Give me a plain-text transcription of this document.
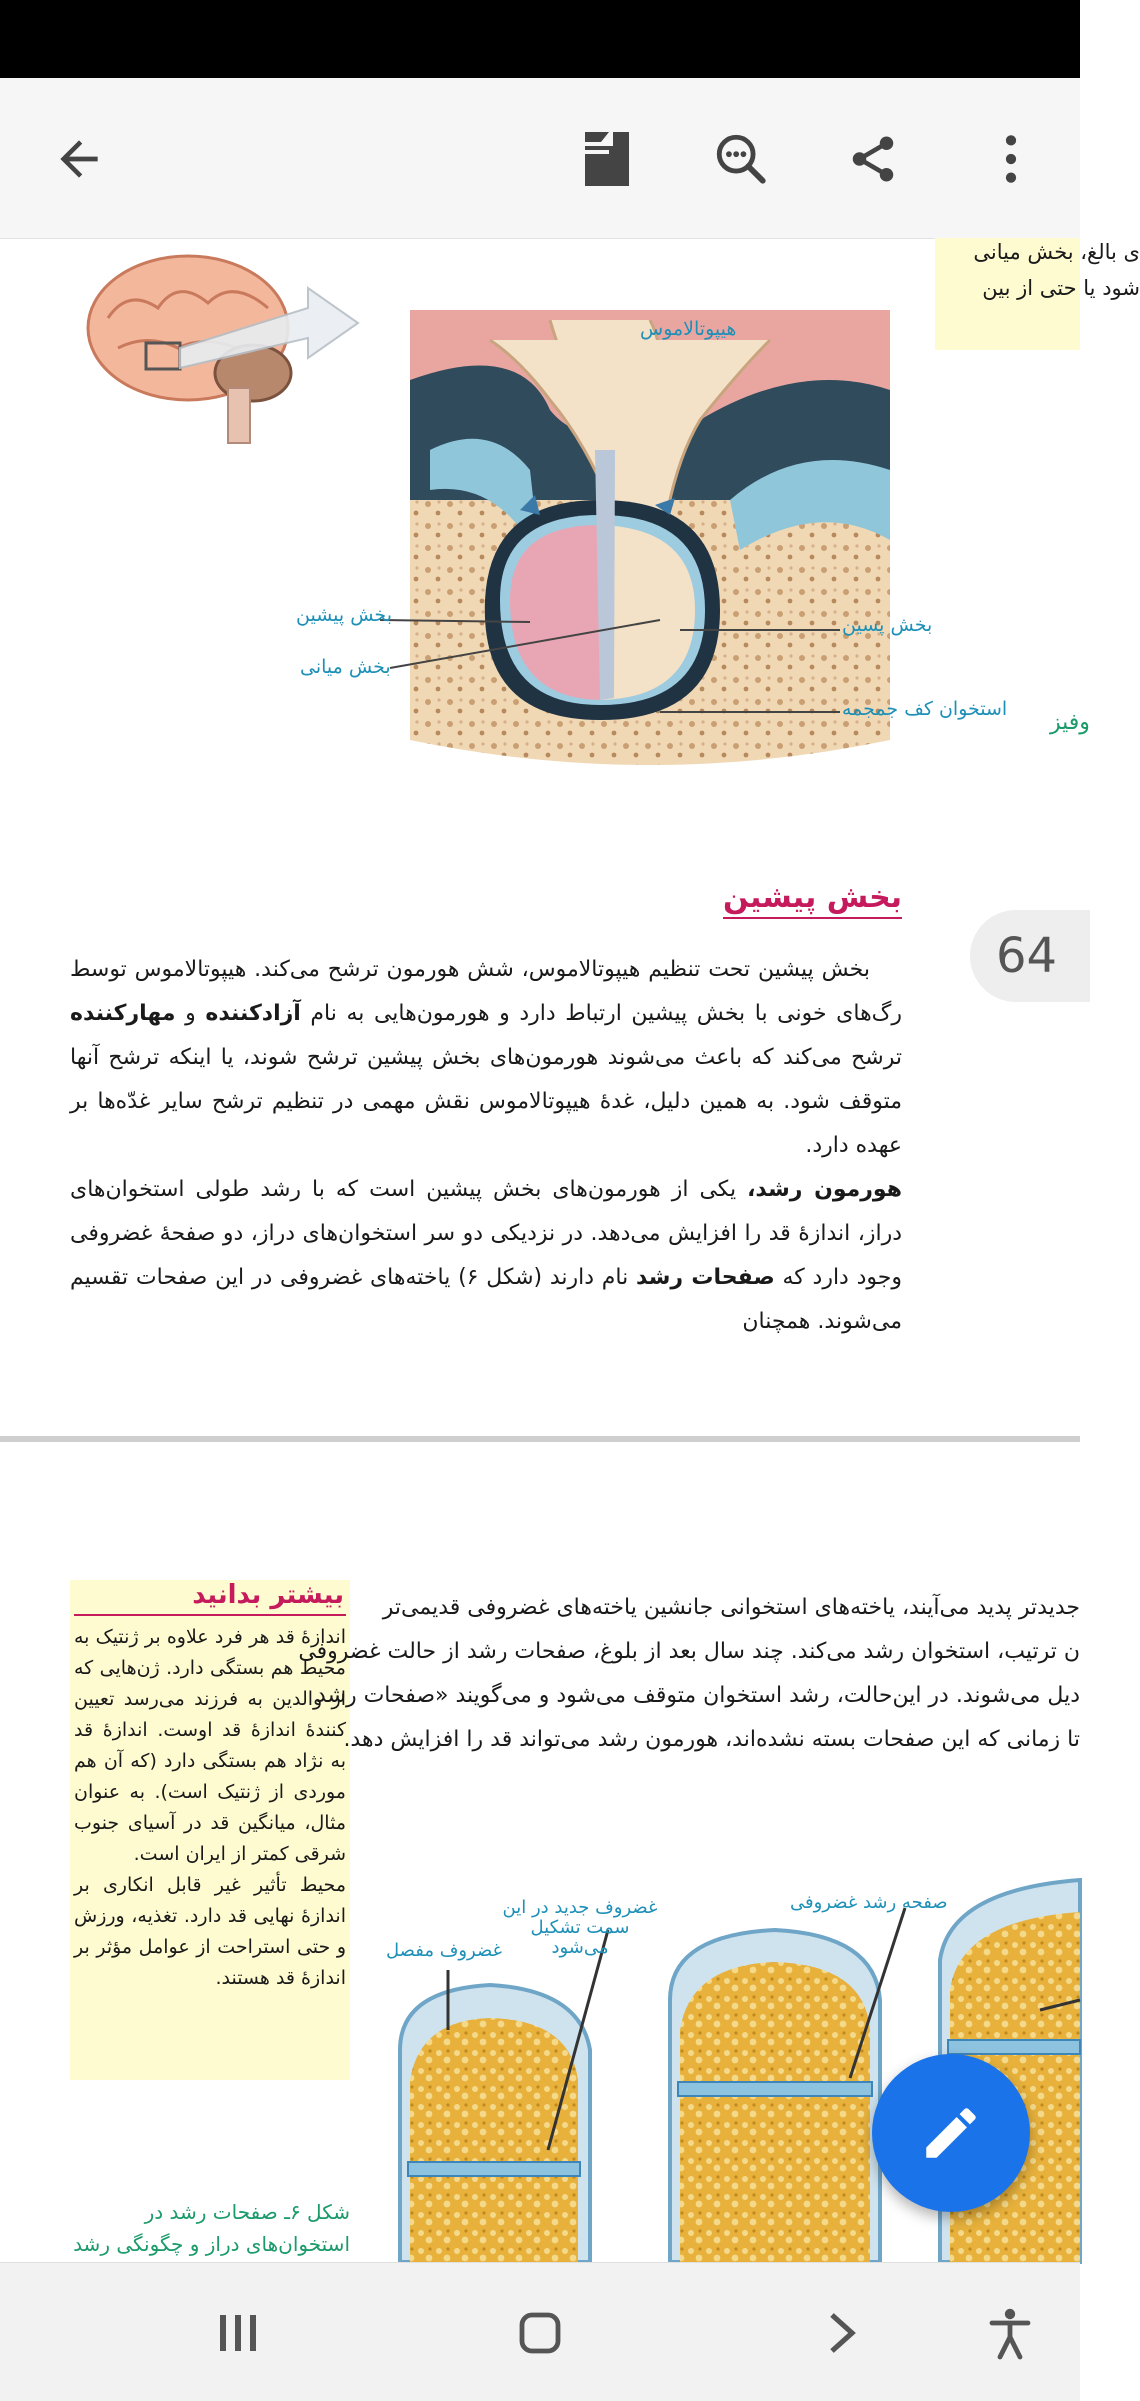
ی بالغ، بخش میانی
شود یا حتی از بین
وفیز
هیپوتالاموس
بخش پیشین
بخش میانی
بخش پسین
استخوان کف جمجمه
بخش پیشین
64

بخش پیشین تحت تنظیم هیپوتالاموس، شش هورمون ترشح می‌کند. هیپوتالاموس توسط رگ‌های خونی با بخش پیشین ارتباط دارد و هورمون‌هایی به نام آزادکننده و مهارکننده ترشح می‌کند که باعث می‌شوند هورمون‌های بخش پیشین ترشح شوند، یا اینکه ترشح آنها متوقف شود. به همین دلیل، غدهٔ هیپوتالاموس نقش مهمی در تنظیم ترشح سایر غدّه‌ها بر عهده دارد.

هورمون رشد، یکی از هورمون‌های بخش پیشین است که با رشد طولی استخوان‌های دراز، اندازهٔ قد را افزایش می‌دهد. در نزدیکی دو سر استخوان‌های دراز، دو صفحهٔ غضروفی وجود دارد که صفحات رشد نام دارند (شکل ۶) یاخته‌های غضروفی در این صفحات تقسیم می‌شوند. همچنان

بیشتر بدانید

اندازهٔ قد هر فرد علاوه بر ژنتیک به محیط هم بستگی دارد. ژن‌هایی که از والدین به فرزند می‌رسد تعیین کنندهٔ اندازهٔ قد اوست. اندازهٔ قد به نژاد هم بستگی دارد (که آن هم موردی از ژنتیک است). به عنوان مثال، میانگین قد در آسیای جنوب شرقی کمتر از ایران است.

محیط تأثیر غیر قابل انکاری بر اندازهٔ نهایی قد دارد. تغذیه، ورزش و حتی استراحت از عوامل مؤثر بر اندازهٔ قد هستند.

جدیدتر پدید می‌آیند، یاخته‌های استخوانی جانشین یاخته‌های غضروفی قدیمی‌تر
ن ترتیب، استخوان رشد می‌کند. چند سال بعد از بلوغ، صفحات رشد از حالت غضروفی
دیل می‌شوند. در این‌حالت، رشد استخوان متوقف می‌شود و می‌گویند «صفحات رشد
تا زمانی که این صفحات بسته نشده‌اند، هورمون رشد می‌تواند قد را افزایش دهد.
غضروف مفصل
غضروف جدید در این
سمت تشکیل می‌شود
صفحه رشد غضروفی
شکل ۶ـ صفحات رشد در
استخوان‌های دراز و چگونگی رشد
